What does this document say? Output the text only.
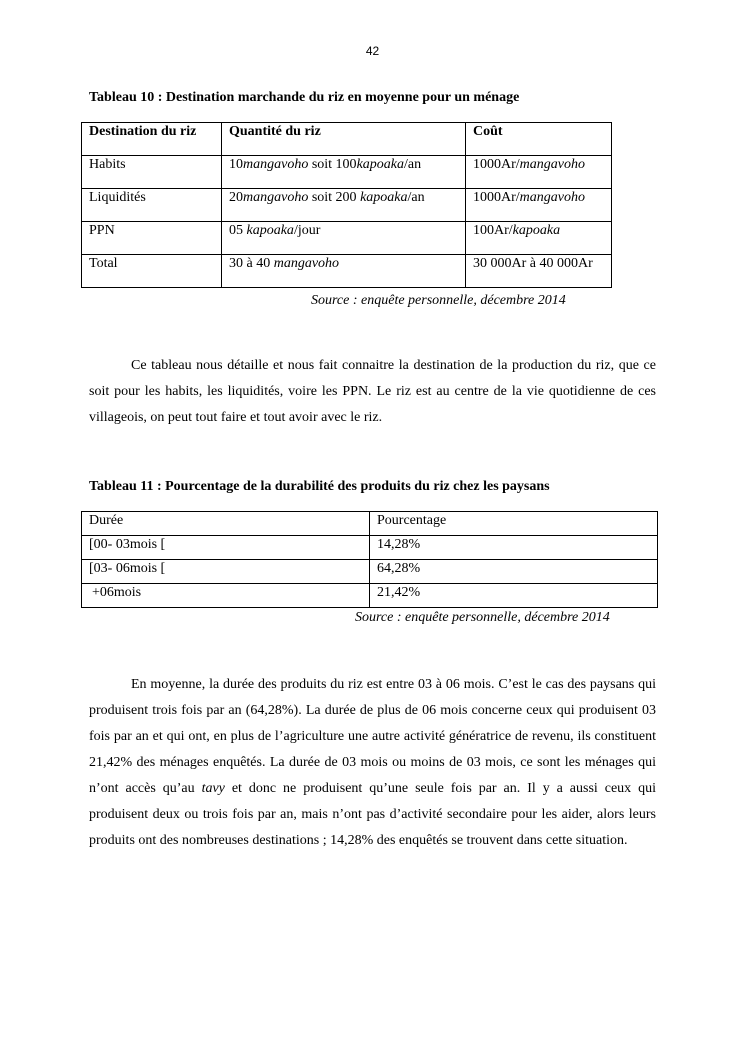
42
Tableau 10 : Destination marchande du riz en moyenne pour un ménage
Destination du riz	Quantité du riz	Coût
Habits	10mangavoho soit 100kapoaka/an	1000Ar/mangavoho
Liquidités	20mangavoho soit 200 kapoaka/an	1000Ar/mangavoho
PPN	05 kapoaka/jour	100Ar/kapoaka
Total	30 à 40 mangavoho	30 000Ar à 40 000Ar
Source : enquête personnelle, décembre 2014

Ce tableau nous détaille et nous fait connaitre la destination de la production du riz, que ce soit pour les habits, les liquidités, voire les PPN. Le riz est au centre de la vie quotidienne de ces villageois, on peut tout faire et tout avoir avec le riz.

Tableau 11 : Pourcentage de la durabilité des produits du riz chez les paysans
Durée	Pourcentage
[00- 03mois [	14,28%
[03- 06mois [	64,28%
+06mois	21,42%
Source : enquête personnelle, décembre 2014

En moyenne, la durée des produits du riz est entre 03 à 06 mois. C’est le cas des paysans qui produisent trois fois par an (64,28%). La durée de plus de 06 mois concerne ceux qui produisent 03 fois par an et qui ont, en plus de l’agriculture une autre activité génératrice de revenu, ils constituent 21,42% des ménages enquêtés. La durée de 03 mois ou moins de 03 mois, ce sont les ménages qui n’ont accès qu’au tavy et donc ne produisent qu’une seule fois par an. Il y a aussi ceux qui produisent deux ou trois fois par an, mais n’ont pas d’activité secondaire pour les aider, alors leurs produits ont des nombreuses destinations ; 14,28% des enquêtés se trouvent dans cette situation.
